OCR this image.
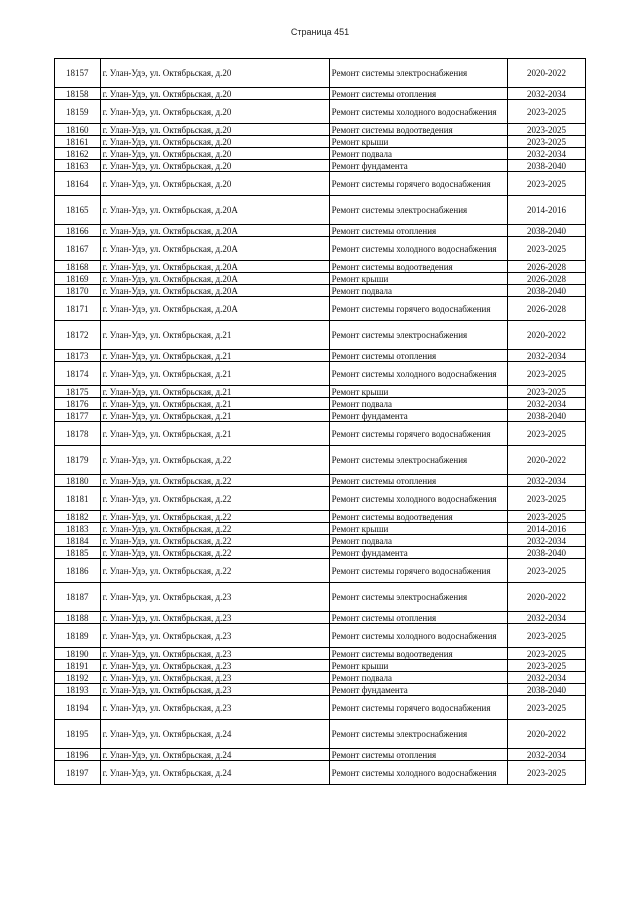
Страница 451
18157	г. Улан-Удэ, ул. Октябрьская, д.20	Ремонт системы электроснабжения	2020-2022
18158	г. Улан-Удэ, ул. Октябрьская, д.20	Ремонт системы отопления	2032-2034
18159	г. Улан-Удэ, ул. Октябрьская, д.20	Ремонт системы холодного водоснабжения	2023-2025
18160	г. Улан-Удэ, ул. Октябрьская, д.20	Ремонт системы водоотведения	2023-2025
18161	г. Улан-Удэ, ул. Октябрьская, д.20	Ремонт крыши	2023-2025
18162	г. Улан-Удэ, ул. Октябрьская, д.20	Ремонт подвала	2032-2034
18163	г. Улан-Удэ, ул. Октябрьская, д.20	Ремонт фундамента	2038-2040
18164	г. Улан-Удэ, ул. Октябрьская, д.20	Ремонт системы горячего водоснабжения	2023-2025
18165	г. Улан-Удэ, ул. Октябрьская, д.20А	Ремонт системы электроснабжения	2014-2016
18166	г. Улан-Удэ, ул. Октябрьская, д.20А	Ремонт системы отопления	2038-2040
18167	г. Улан-Удэ, ул. Октябрьская, д.20А	Ремонт системы холодного водоснабжения	2023-2025
18168	г. Улан-Удэ, ул. Октябрьская, д.20А	Ремонт системы водоотведения	2026-2028
18169	г. Улан-Удэ, ул. Октябрьская, д.20А	Ремонт крыши	2026-2028
18170	г. Улан-Удэ, ул. Октябрьская, д.20А	Ремонт подвала	2038-2040
18171	г. Улан-Удэ, ул. Октябрьская, д.20А	Ремонт системы горячего водоснабжения	2026-2028
18172	г. Улан-Удэ, ул. Октябрьская, д.21	Ремонт системы электроснабжения	2020-2022
18173	г. Улан-Удэ, ул. Октябрьская, д.21	Ремонт системы отопления	2032-2034
18174	г. Улан-Удэ, ул. Октябрьская, д.21	Ремонт системы холодного водоснабжения	2023-2025
18175	г. Улан-Удэ, ул. Октябрьская, д.21	Ремонт крыши	2023-2025
18176	г. Улан-Удэ, ул. Октябрьская, д.21	Ремонт подвала	2032-2034
18177	г. Улан-Удэ, ул. Октябрьская, д.21	Ремонт фундамента	2038-2040
18178	г. Улан-Удэ, ул. Октябрьская, д.21	Ремонт системы горячего водоснабжения	2023-2025
18179	г. Улан-Удэ, ул. Октябрьская, д.22	Ремонт системы электроснабжения	2020-2022
18180	г. Улан-Удэ, ул. Октябрьская, д.22	Ремонт системы отопления	2032-2034
18181	г. Улан-Удэ, ул. Октябрьская, д.22	Ремонт системы холодного водоснабжения	2023-2025
18182	г. Улан-Удэ, ул. Октябрьская, д.22	Ремонт системы водоотведения	2023-2025
18183	г. Улан-Удэ, ул. Октябрьская, д.22	Ремонт крыши	2014-2016
18184	г. Улан-Удэ, ул. Октябрьская, д.22	Ремонт подвала	2032-2034
18185	г. Улан-Удэ, ул. Октябрьская, д.22	Ремонт фундамента	2038-2040
18186	г. Улан-Удэ, ул. Октябрьская, д.22	Ремонт системы горячего водоснабжения	2023-2025
18187	г. Улан-Удэ, ул. Октябрьская, д.23	Ремонт системы электроснабжения	2020-2022
18188	г. Улан-Удэ, ул. Октябрьская, д.23	Ремонт системы отопления	2032-2034
18189	г. Улан-Удэ, ул. Октябрьская, д.23	Ремонт системы холодного водоснабжения	2023-2025
18190	г. Улан-Удэ, ул. Октябрьская, д.23	Ремонт системы водоотведения	2023-2025
18191	г. Улан-Удэ, ул. Октябрьская, д.23	Ремонт крыши	2023-2025
18192	г. Улан-Удэ, ул. Октябрьская, д.23	Ремонт подвала	2032-2034
18193	г. Улан-Удэ, ул. Октябрьская, д.23	Ремонт фундамента	2038-2040
18194	г. Улан-Удэ, ул. Октябрьская, д.23	Ремонт системы горячего водоснабжения	2023-2025
18195	г. Улан-Удэ, ул. Октябрьская, д.24	Ремонт системы электроснабжения	2020-2022
18196	г. Улан-Удэ, ул. Октябрьская, д.24	Ремонт системы отопления	2032-2034
18197	г. Улан-Удэ, ул. Октябрьская, д.24	Ремонт системы холодного водоснабжения	2023-2025
